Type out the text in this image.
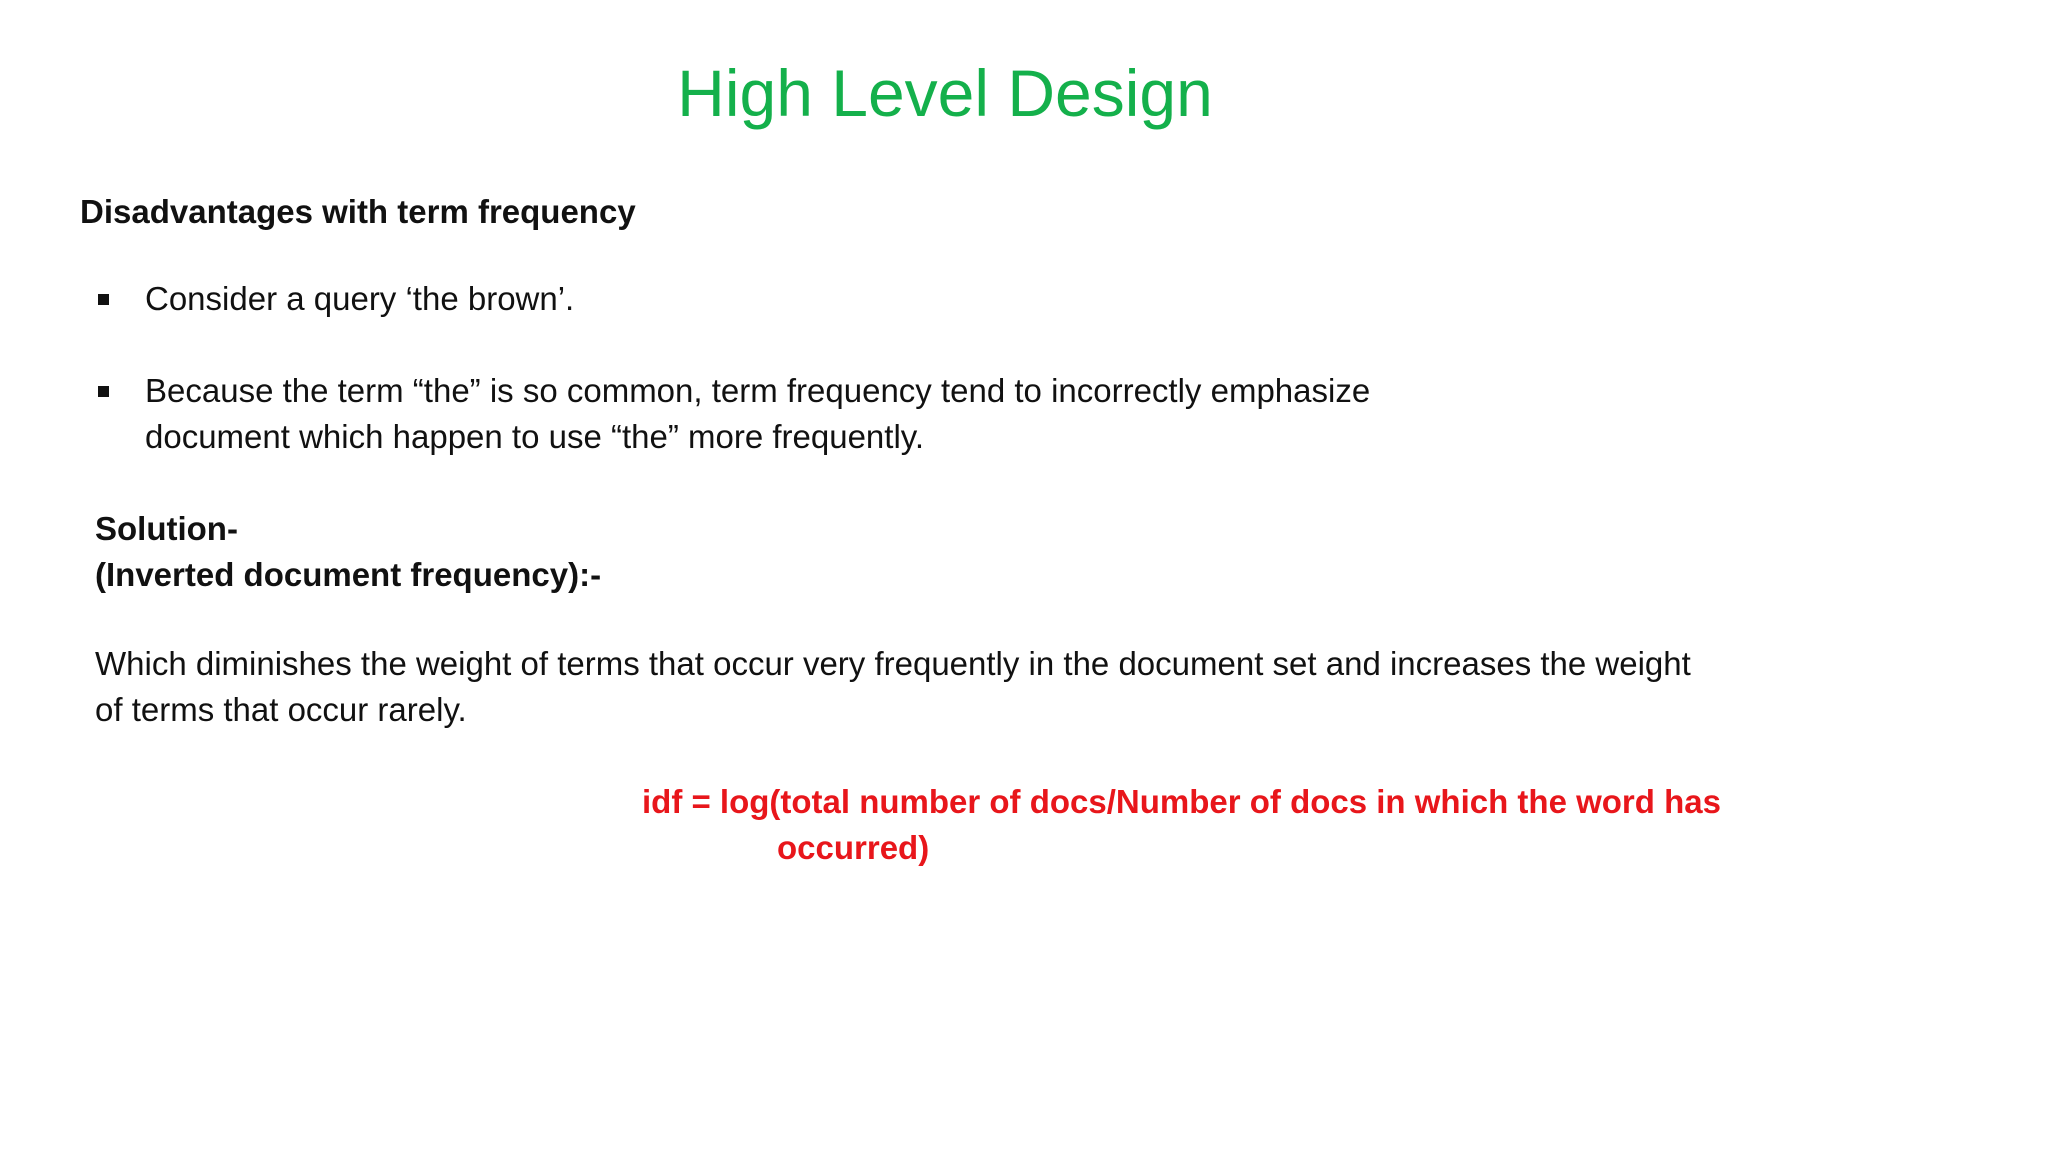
High Level Design
Disadvantages with term frequency
Consider a query ‘the brown’.
Because the term “the” is so common, term frequency tend to incorrectly emphasize
document which happen to use “the” more frequently.
Solution-
(Inverted document frequency):-
Which diminishes the weight of terms that occur very frequently in the document set and increases the weight
of terms that occur rarely.
idf = log(total number of docs/Number of docs in which the word has
occurred)
